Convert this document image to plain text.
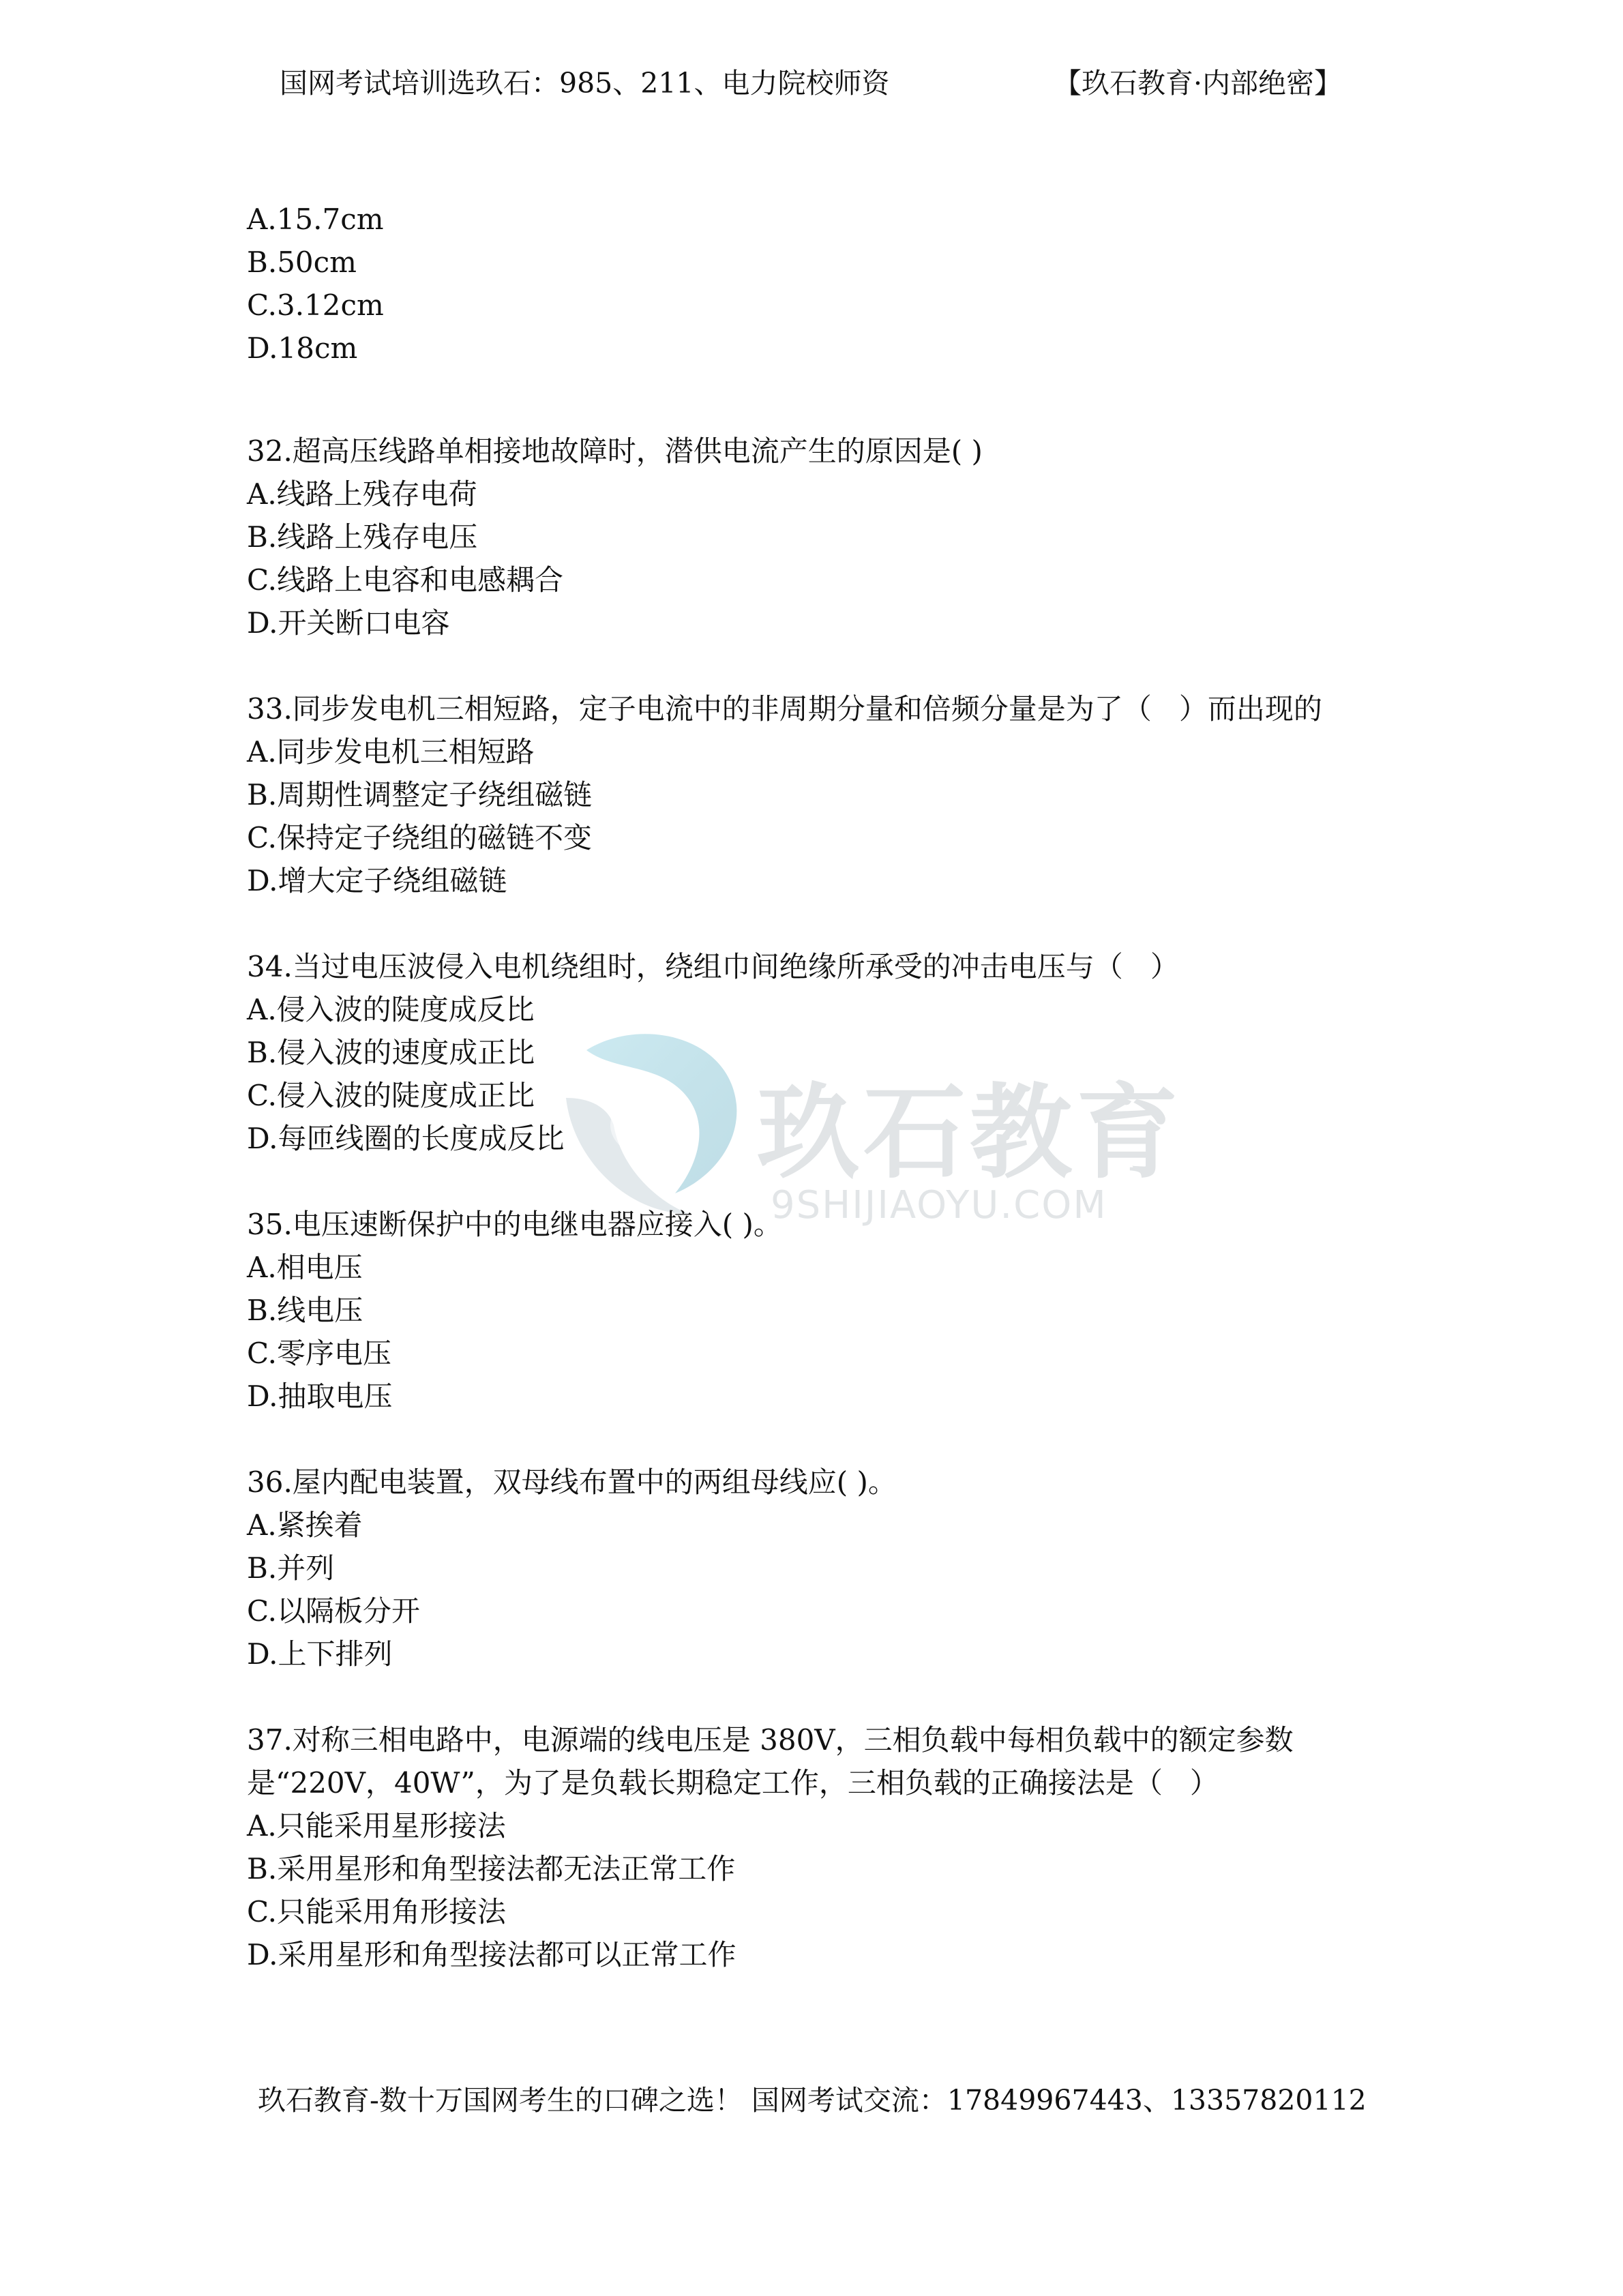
国网考试培训选玖石：985、211、电力院校师资	【玖石教育·内部绝密】
玖石教育
9SHIJIAOYU.COM
A.15.7cm
B.50cm
C.3.12cm
D.18cm
32.超高压线路单相接地故障时，潜供电流产生的原因是( )
A.线路上残存电荷
B.线路上残存电压
C.线路上电容和电感耦合
D.开关断口电容
33.同步发电机三相短路，定子电流中的非周期分量和倍频分量是为了（   ）而出现的
A.同步发电机三相短路
B.周期性调整定子绕组磁链
C.保持定子绕组的磁链不变
D.增大定子绕组磁链
34.当过电压波侵入电机绕组时，绕组巾间绝缘所承受的冲击电压与（   ）
A.侵入波的陡度成反比
B.侵入波的速度成正比
C.侵入波的陡度成正比
D.每匝线圈的长度成反比
35.电压速断保护中的电继电器应接入( )。
A.相电压
B.线电压
C.零序电压
D.抽取电压
36.屋内配电装置，双母线布置中的两组母线应( )。
A.紧挨着
B.并列
C.以隔板分开
D.上下排列
37.对称三相电路中，电源端的线电压是 380V，三相负载中每相负载中的额定参数是“220V，40W”，为了是负载长期稳定工作，三相负载的正确接法是（   ）
A.只能采用星形接法
B.采用星形和角型接法都无法正常工作
C.只能采用角形接法
D.采用星形和角型接法都可以正常工作
玖石教育-数十万国网考生的口碑之选！ 国网考试交流：17849967443、13357820112
